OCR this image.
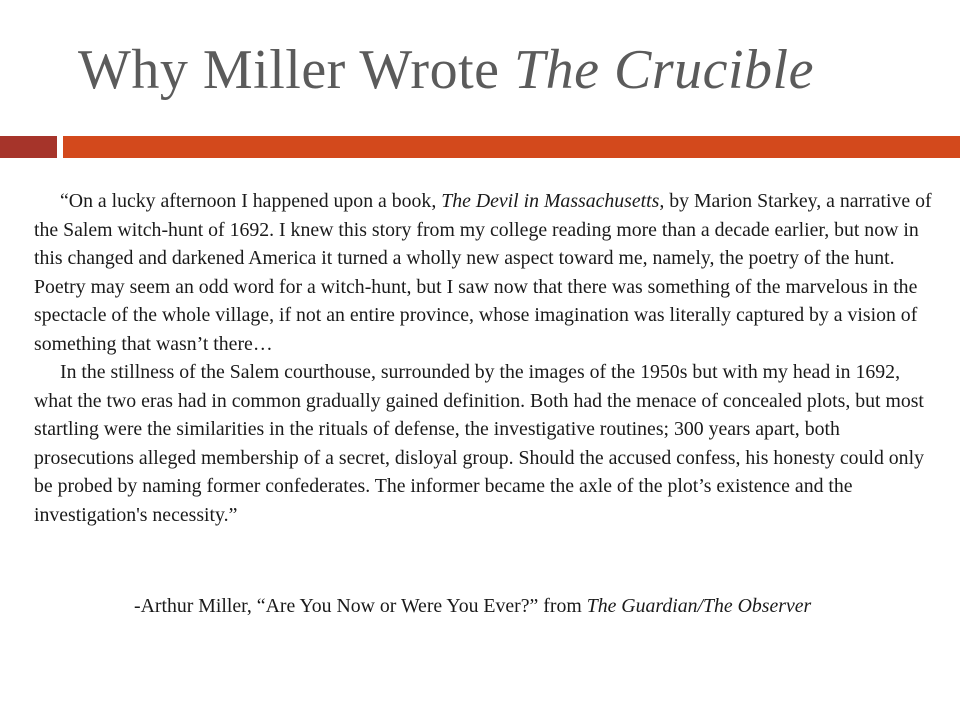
Why Miller Wrote The Crucible

“On a lucky afternoon I happened upon a book, The Devil in Massachusetts, by Marion Starkey, a narrative of the Salem witch-hunt of 1692. I knew this story from my college reading more than a decade earlier, but now in this changed and darkened America it turned a wholly new aspect toward me, namely, the poetry of the hunt. Poetry may seem an odd word for a witch-hunt, but I saw now that there was something of the marvelous in the spectacle of the whole village, if not an entire province, whose imagination was literally captured by a vision of something that wasn’t there…

In the stillness of the Salem courthouse, surrounded by the images of the 1950s but with my head in 1692, what the two eras had in common gradually gained definition. Both had the menace of concealed plots, but most startling were the similarities in the rituals of defense, the investigative routines; 300 years apart, both prosecutions alleged membership of a secret, disloyal group. Should the accused confess, his honesty could only be probed by naming former confederates. The informer became the axle of the plot’s existence and the investigation's necessity.”

-Arthur Miller, “Are You Now or Were You Ever?” from The Guardian/The Observer
